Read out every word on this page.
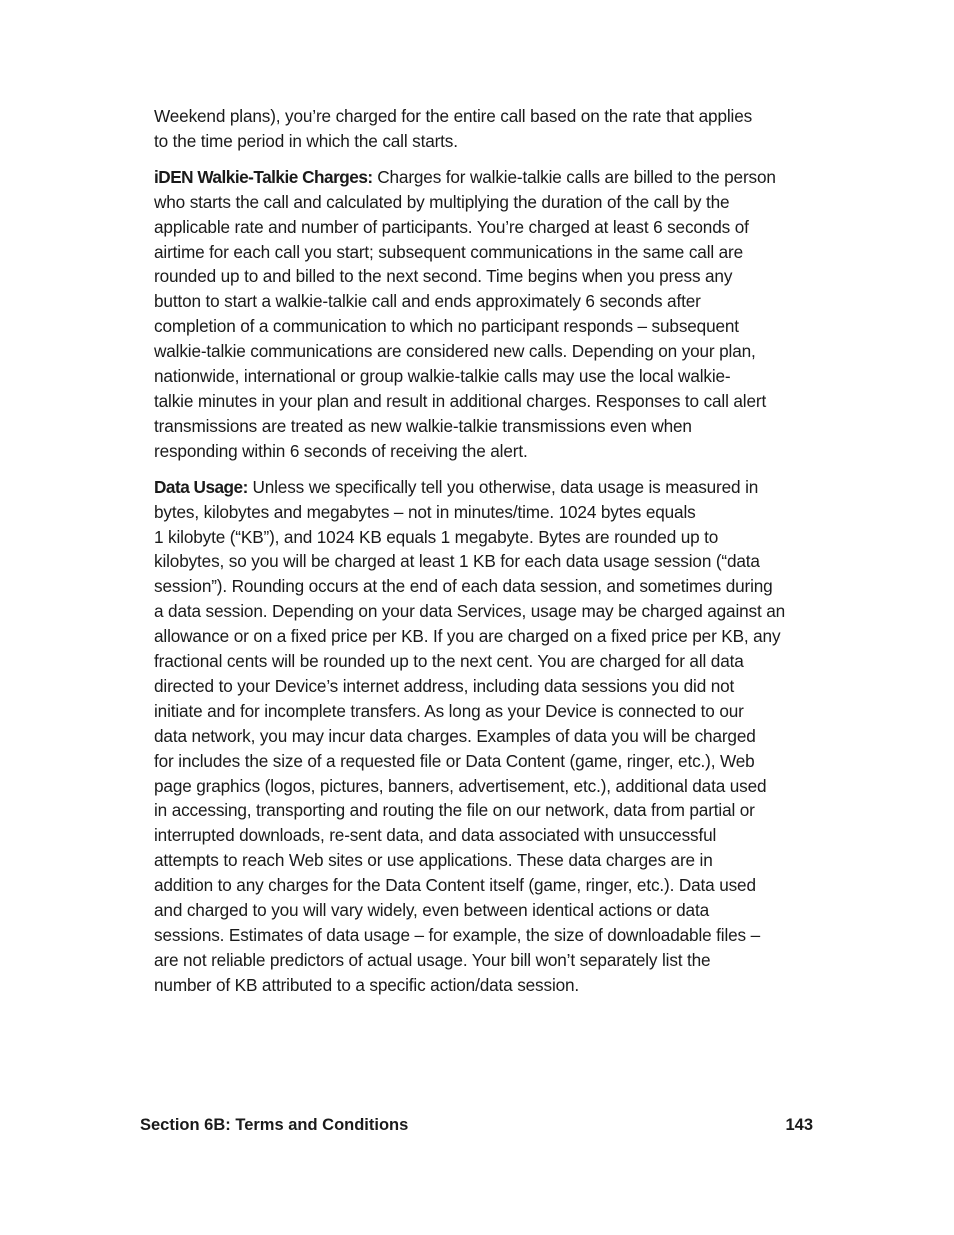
Weekend plans), you’re charged for the entire call based on the rate that applies
to the time period in which the call starts.

iDEN Walkie-Talkie Charges: Charges for walkie-talkie calls are billed to the person
who starts the call and calculated by multiplying the duration of the call by the
applicable rate and number of participants. You’re charged at least 6 seconds of
airtime for each call you start; subsequent communications in the same call are
rounded up to and billed to the next second. Time begins when you press any
button to start a walkie-talkie call and ends approximately 6 seconds after
completion of a communication to which no participant responds – subsequent
walkie-talkie communications are considered new calls. Depending on your plan,
nationwide, international or group walkie-talkie calls may use the local walkie-
talkie minutes in your plan and result in additional charges. Responses to call alert
transmissions are treated as new walkie-talkie transmissions even when
responding within 6 seconds of receiving the alert.

Data Usage: Unless we specifically tell you otherwise, data usage is measured in
bytes, kilobytes and megabytes – not in minutes/time. 1024 bytes equals
1 kilobyte (“KB”), and 1024 KB equals 1 megabyte. Bytes are rounded up to
kilobytes, so you will be charged at least 1 KB for each data usage session (“data
session”). Rounding occurs at the end of each data session, and sometimes during
a data session. Depending on your data Services, usage may be charged against an
allowance or on a fixed price per KB. If you are charged on a fixed price per KB, any
fractional cents will be rounded up to the next cent. You are charged for all data
directed to your Device’s internet address, including data sessions you did not
initiate and for incomplete transfers. As long as your Device is connected to our
data network, you may incur data charges. Examples of data you will be charged
for includes the size of a requested file or Data Content (game, ringer, etc.), Web
page graphics (logos, pictures, banners, advertisement, etc.), additional data used
in accessing, transporting and routing the file on our network, data from partial or
interrupted downloads, re-sent data, and data associated with unsuccessful
attempts to reach Web sites or use applications. These data charges are in
addition to any charges for the Data Content itself (game, ringer, etc.). Data used
and charged to you will vary widely, even between identical actions or data
sessions. Estimates of data usage – for example, the size of downloadable files –
are not reliable predictors of actual usage. Your bill won’t separately list the
number of KB attributed to a specific action/data session.

Section 6B: Terms and Conditions	143
